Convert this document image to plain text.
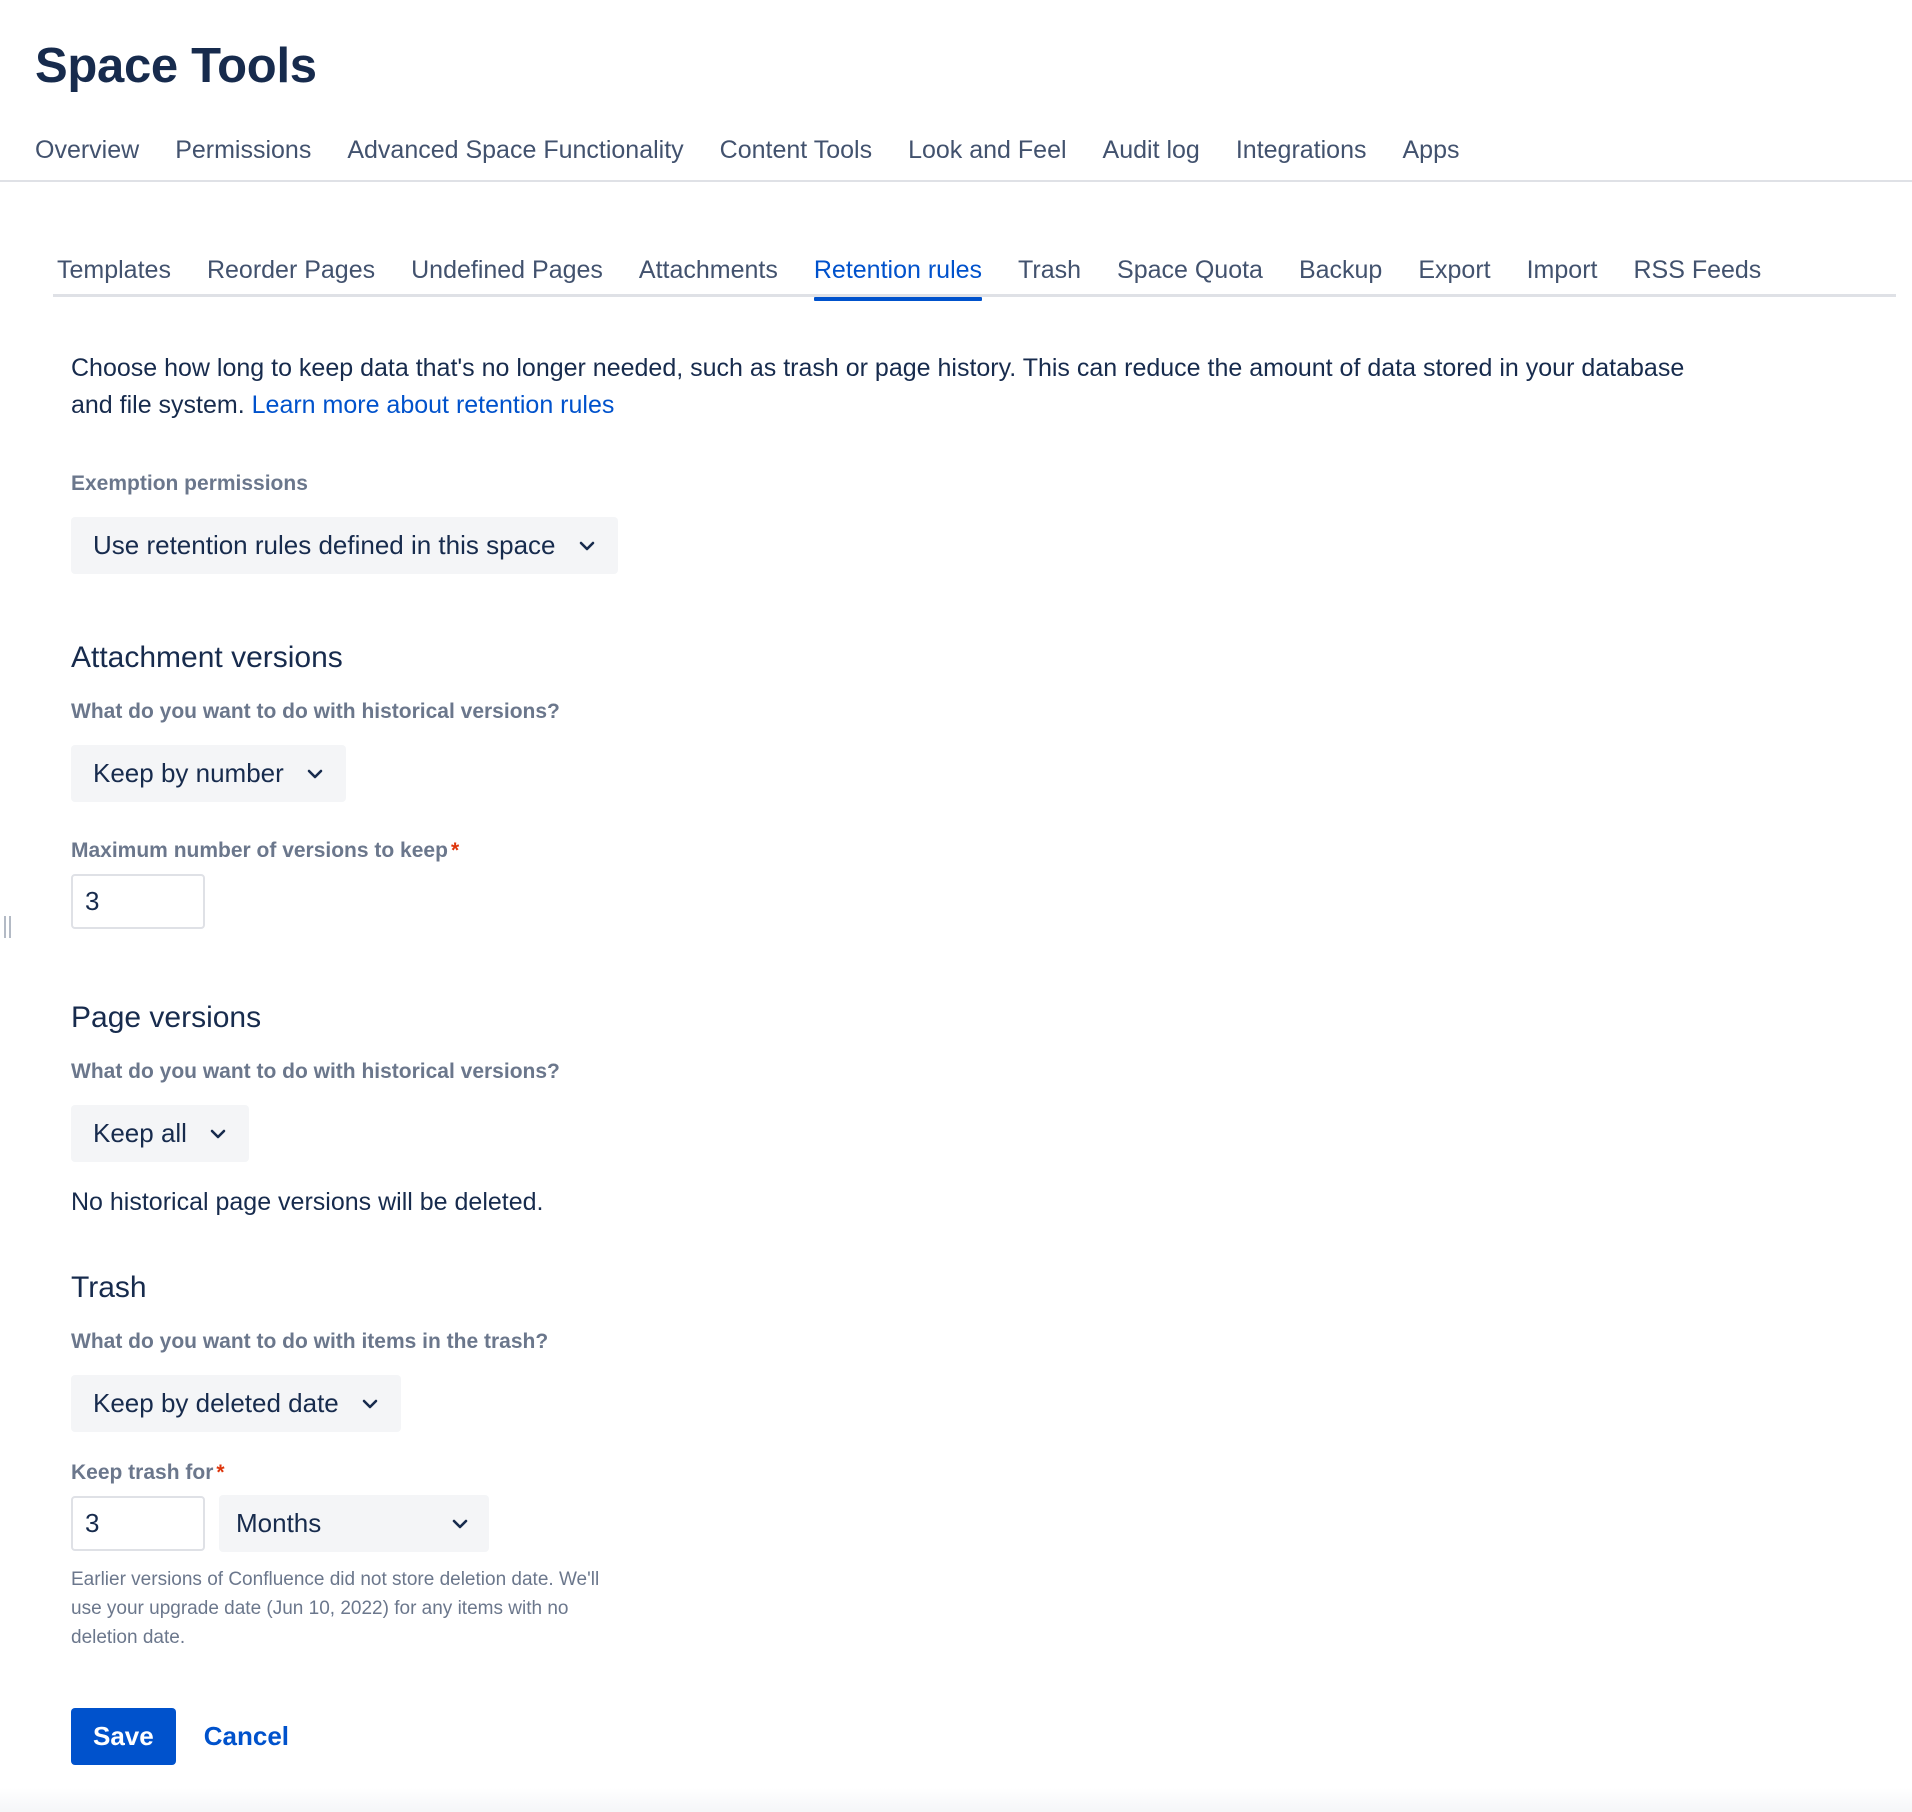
Space Tools
Overview Permissions Advanced Space Functionality Content Tools Look and Feel Audit log Integrations Apps
Templates Reorder Pages Undefined Pages Attachments Retention rules Trash Space Quota Backup Export Import RSS Feeds

Choose how long to keep data that's no longer needed, such as trash or page history. This can reduce the amount of data stored in your database and file system. Learn more about retention rules

Exemption permissions

Use retention rules defined in this space
Attachment versions

What do you want to do with historical versions?

Keep by number

Maximum number of versions to keep *

3
Page versions

What do you want to do with historical versions?

Keep all

No historical page versions will be deleted.

Trash

What do you want to do with items in the trash?

Keep by deleted date

Keep trash for *

3
Months

Earlier versions of Confluence did not store deletion date. We'll use your upgrade date (Jun 10, 2022) for any items with no deletion date.

Save	Cancel
